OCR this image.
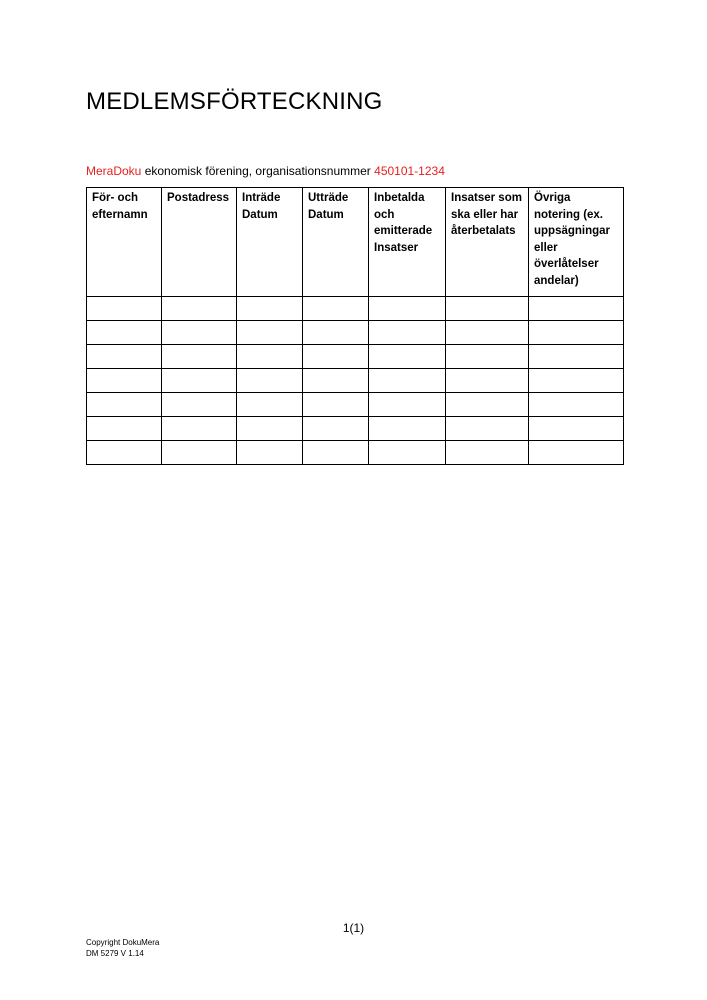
MEDLEMSFÖRTECKNING
MeraDoku ekonomisk förening, organisationsnummer 450101-1234
För- och efternamn	Postadress	Inträde Datum	Utträde Datum	Inbetalda och emitterade Insatser	Insatser som ska eller har återbetalats	Övriga notering (ex. uppsägningar eller överlåtelser andelar)

1(1)
Copyright DokuMera
DM 5279 V 1.14
